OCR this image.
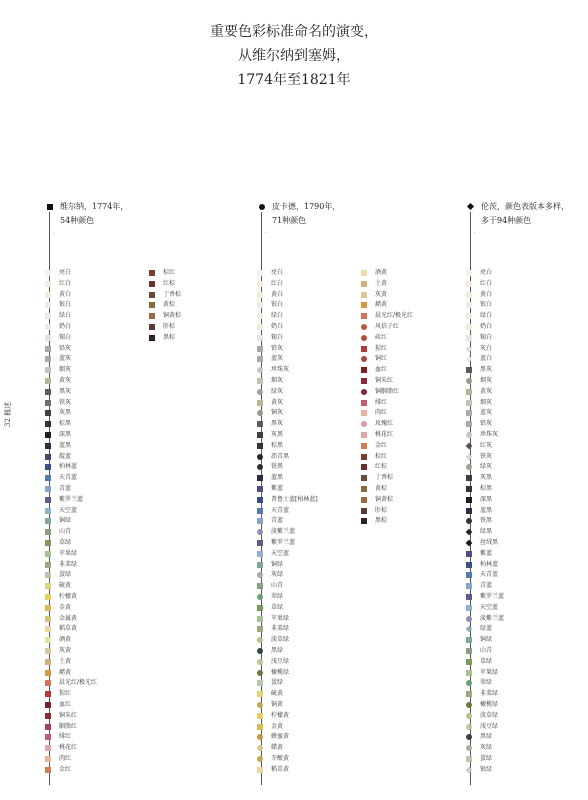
重要色彩标准命名的演变，
从维尔纳到塞姆，
1774年至1821年
32 概述
维尔纳，1774年，
54种颜色
亮白
红白
黄白
银白
绿白
奶白
锡白
铅灰
蓝灰
烟灰
黄灰
黑灰
铁灰
灰黑
棕黑
深黑
蓝黑
靛蓝
柏林蓝
天青蓝
青蓝
紫罗兰蓝
天空蓝
铜绿
山青
草绿
苹果绿
韭菜绿
蛋绿
硫黄
柠檬黄
金黄
金属黄
稻草黄
酒黄
灰黄
土黄
赭黄
晨光红/极光红
猩红
血红
铜朱红
胭脂红
绯红
桃花红
肉红
金红
棕红
红棕
丁香棕
黄棕
铜黄棕
肝棕
黑棕
皮卡德，1790年，
71种颜色
亮白
红白
黄白
银白
绿白
奶白
锡白
铅灰
蓝灰
珍珠灰
烟灰
绿灰
黄灰
铜灰
黑灰
灰黑
棕黑
沥青黑
铁黑
蓝黑
紫蓝
普鲁士蓝[柏林蓝]
天青蓝
青蓝
淡紫兰蓝
紫罗兰蓝
天空蓝
铜绿
灰绿
山青
翠绿
草绿
苹果绿
韭菜绿
淡草绿
黑绿
浅豆绿
橄榄绿
蛋绿
硫黄
铜黄
柠檬黄
金黄
蜂蜜黄
蜡黄
芥酸黄
稻草黄
酒黄
土黄
灰黄
赭黄
晨光红/极光红
风信子红
砖红
猩红
铜红
血红
铜朱红
铜胭脂红
绯红
肉红
玫瑰红
桃花红
金红
棕红
红棕
丁香棕
黄棕
铜黄棕
肝棕
黑棕
伦茨，颜色表版本多样，
多于94种颜色
亮白
红白
黄白
银白
绿白
奶白
锡白
灰白
蓝白
黑灰
烟灰
黄灰
烟灰
蓝灰
铅灰
珍珠灰
红灰
铁灰
绿灰
灰黑
棕黑
深黑
蓝黑
铁黑
绿黑
丝绒黑
紫蓝
柏林蓝
天青蓝
青蓝
紫罗兰蓝
天空蓝
淡紫兰蓝
绿蓝
铜绿
山青
草绿
苹果绿
翠绿
韭菜绿
橄榄绿
淡草绿
浅豆绿
黑绿
灰绿
蛋绿
银绿
